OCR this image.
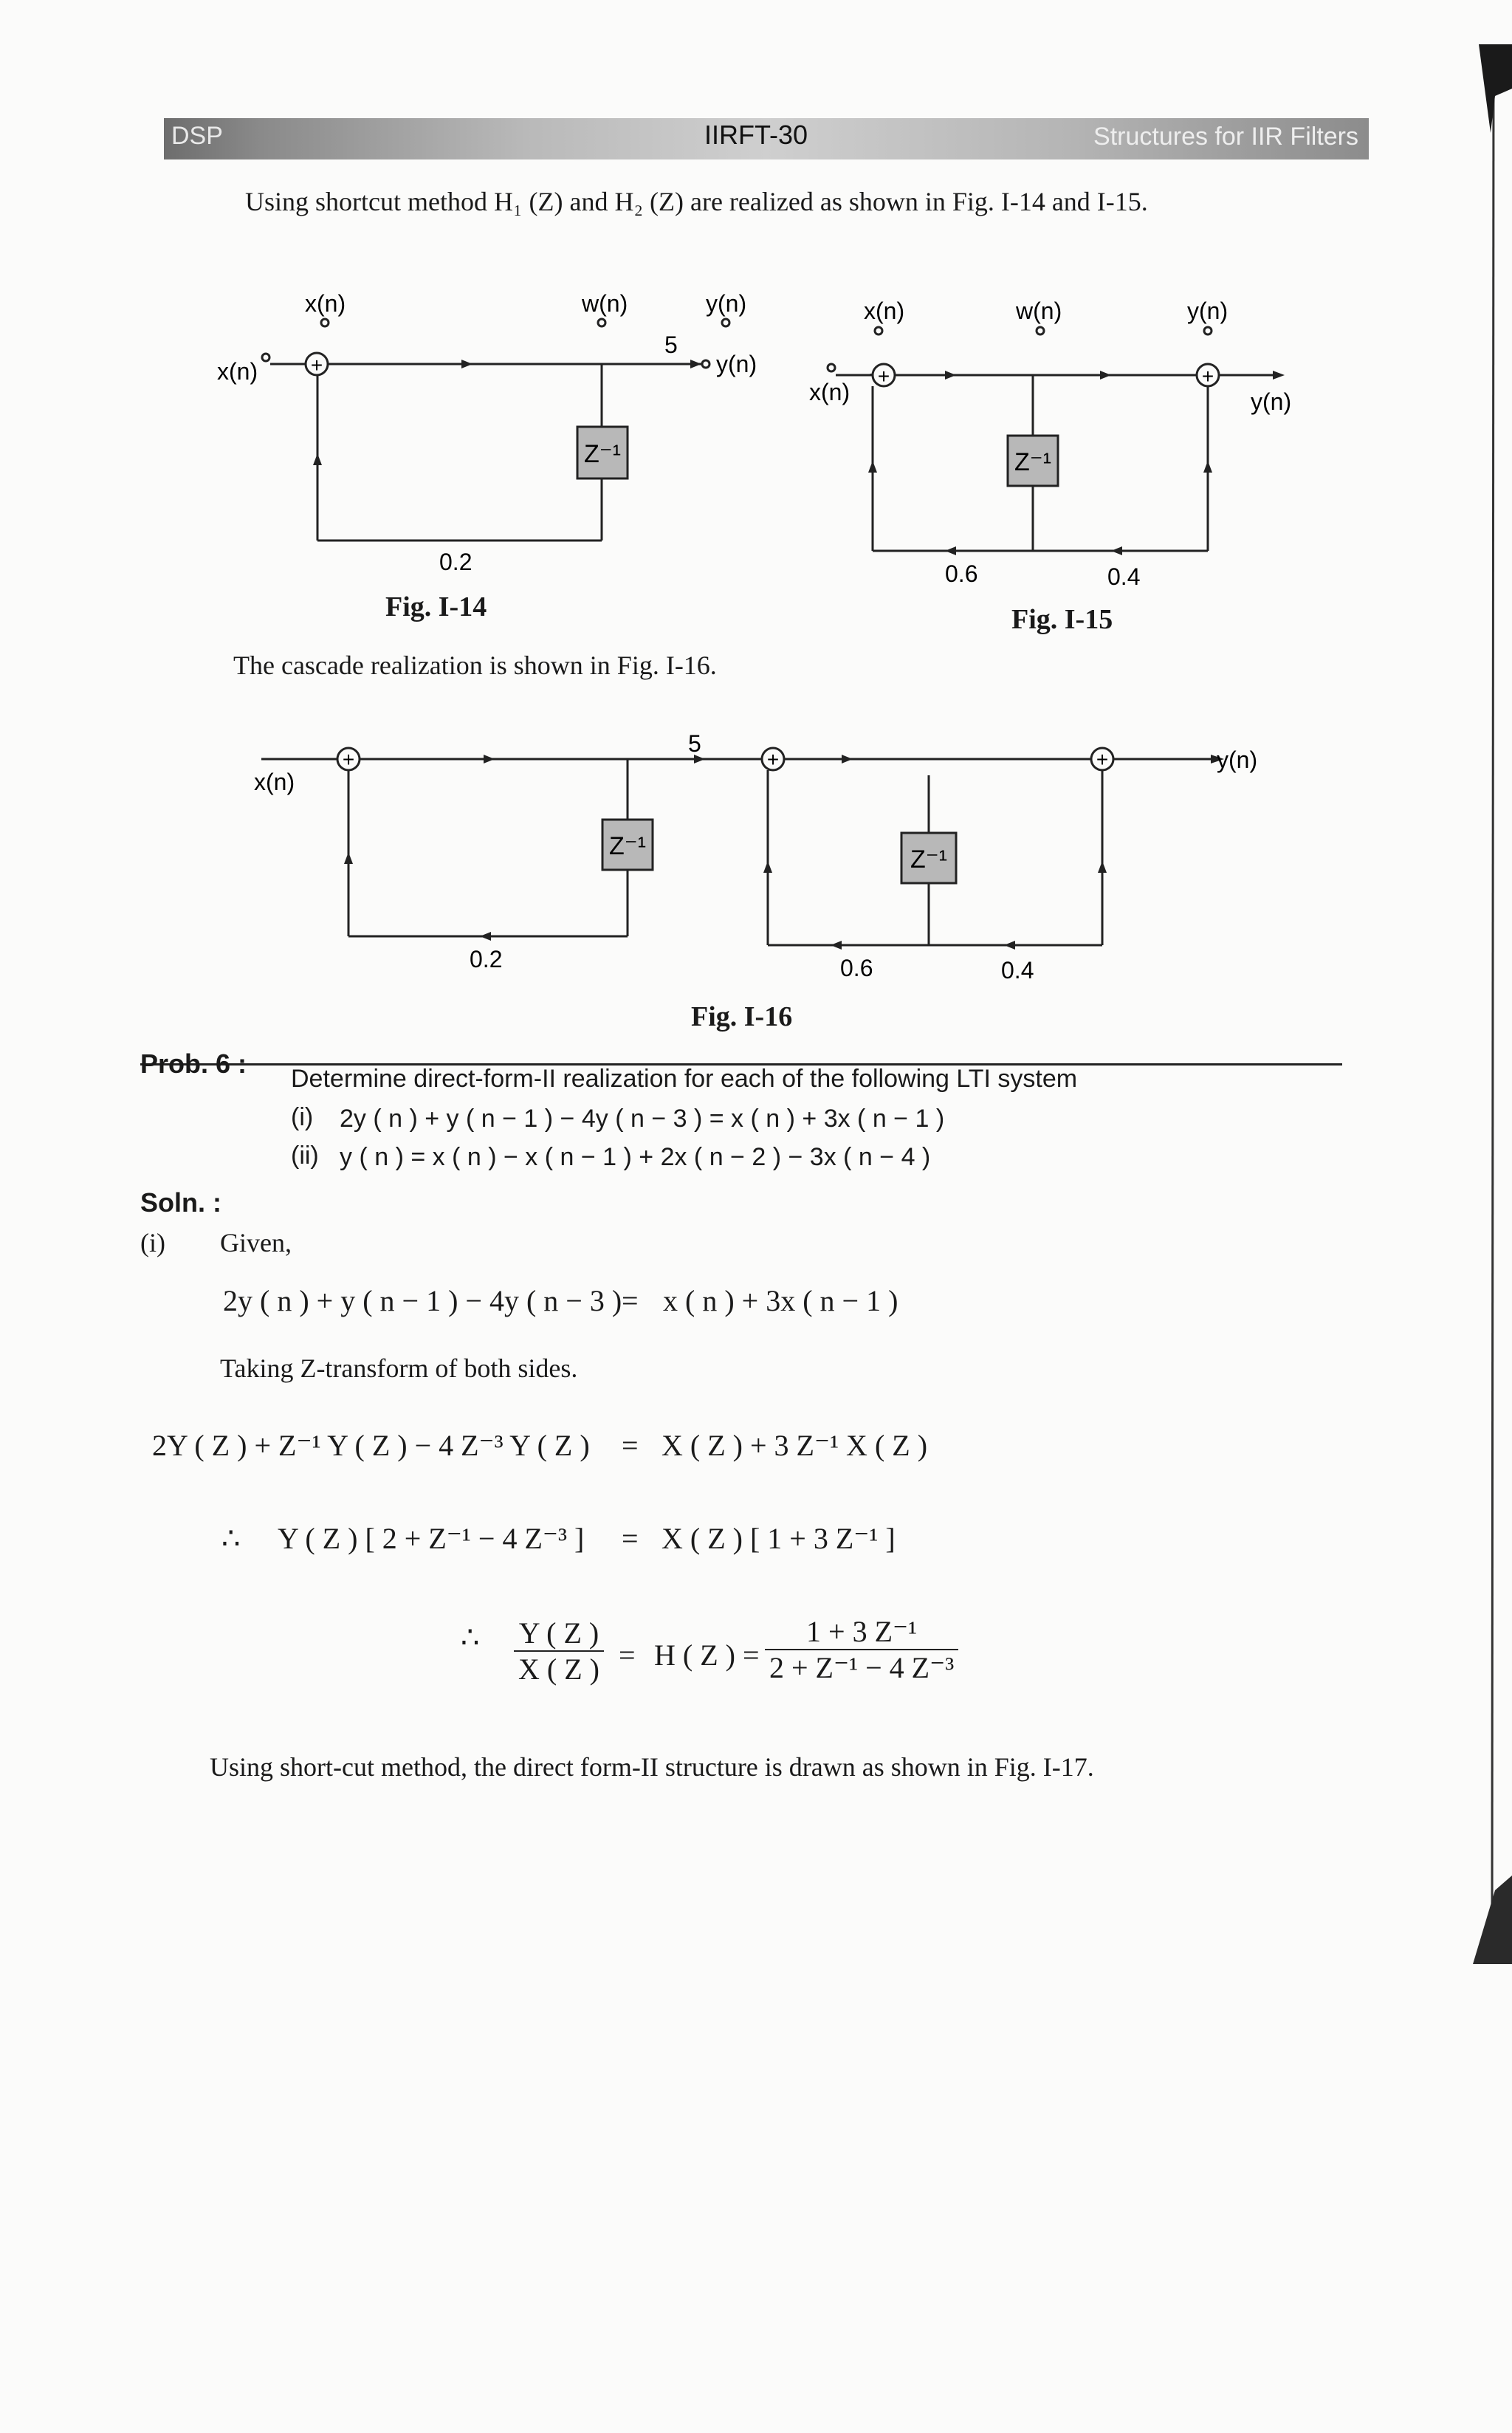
DSP	IIRFT-30	Structures for IIR Filters
Using shortcut method H₁ (Z) and H₂ (Z) are realized as shown in Fig. I-14 and I-15.
+
Z⁻¹
x(n)
x(n)	w(n)	y(n)
y(n)
5
0.2
Fig. I-14
+	+
Z⁻¹
x(n)
x(n)	w(n)	y(n)
y(n)
0.6	0.4
Fig. I-15
The cascade realization is shown in Fig. I-16.
+	+	+
Z⁻¹	Z⁻¹
x(n)
y(n)
5
0.2	0.6	0.4
Fig. I-16
Prob. 6 : Determine direct-form-II realization for each of the following LTI system
(i) 2y ( n ) + y ( n − 1 ) − 4y ( n − 3 ) = x ( n ) + 3x ( n − 1 )
(ii) y ( n ) = x ( n ) − x ( n − 1 ) + 2x ( n − 2 ) − 3x ( n − 4 )
Soln. :
(i) Given,
2y ( n ) + y ( n − 1 ) − 4y ( n − 3 ) = x ( n ) + 3x ( n − 1 )
Taking Z-transform of both sides.
2Y ( Z ) + Z⁻¹ Y ( Z ) − 4 Z⁻³ Y ( Z ) = X ( Z ) + 3 Z⁻¹ X ( Z )
∴ Y ( Z ) [ 2 + Z⁻¹ − 4 Z⁻³ ] = X ( Z ) [ 1 + 3 Z⁻¹ ]
∴ $\frac{Y ( Z )}{X ( Z )} = H$ ( Z ) = $\frac{\text{1 + 3 Z⁻¹}}{\text{2 + Z⁻¹ − 4 Z⁻³}}$
Using short-cut method, the direct form-II structure is drawn as shown in Fig. I-17.
